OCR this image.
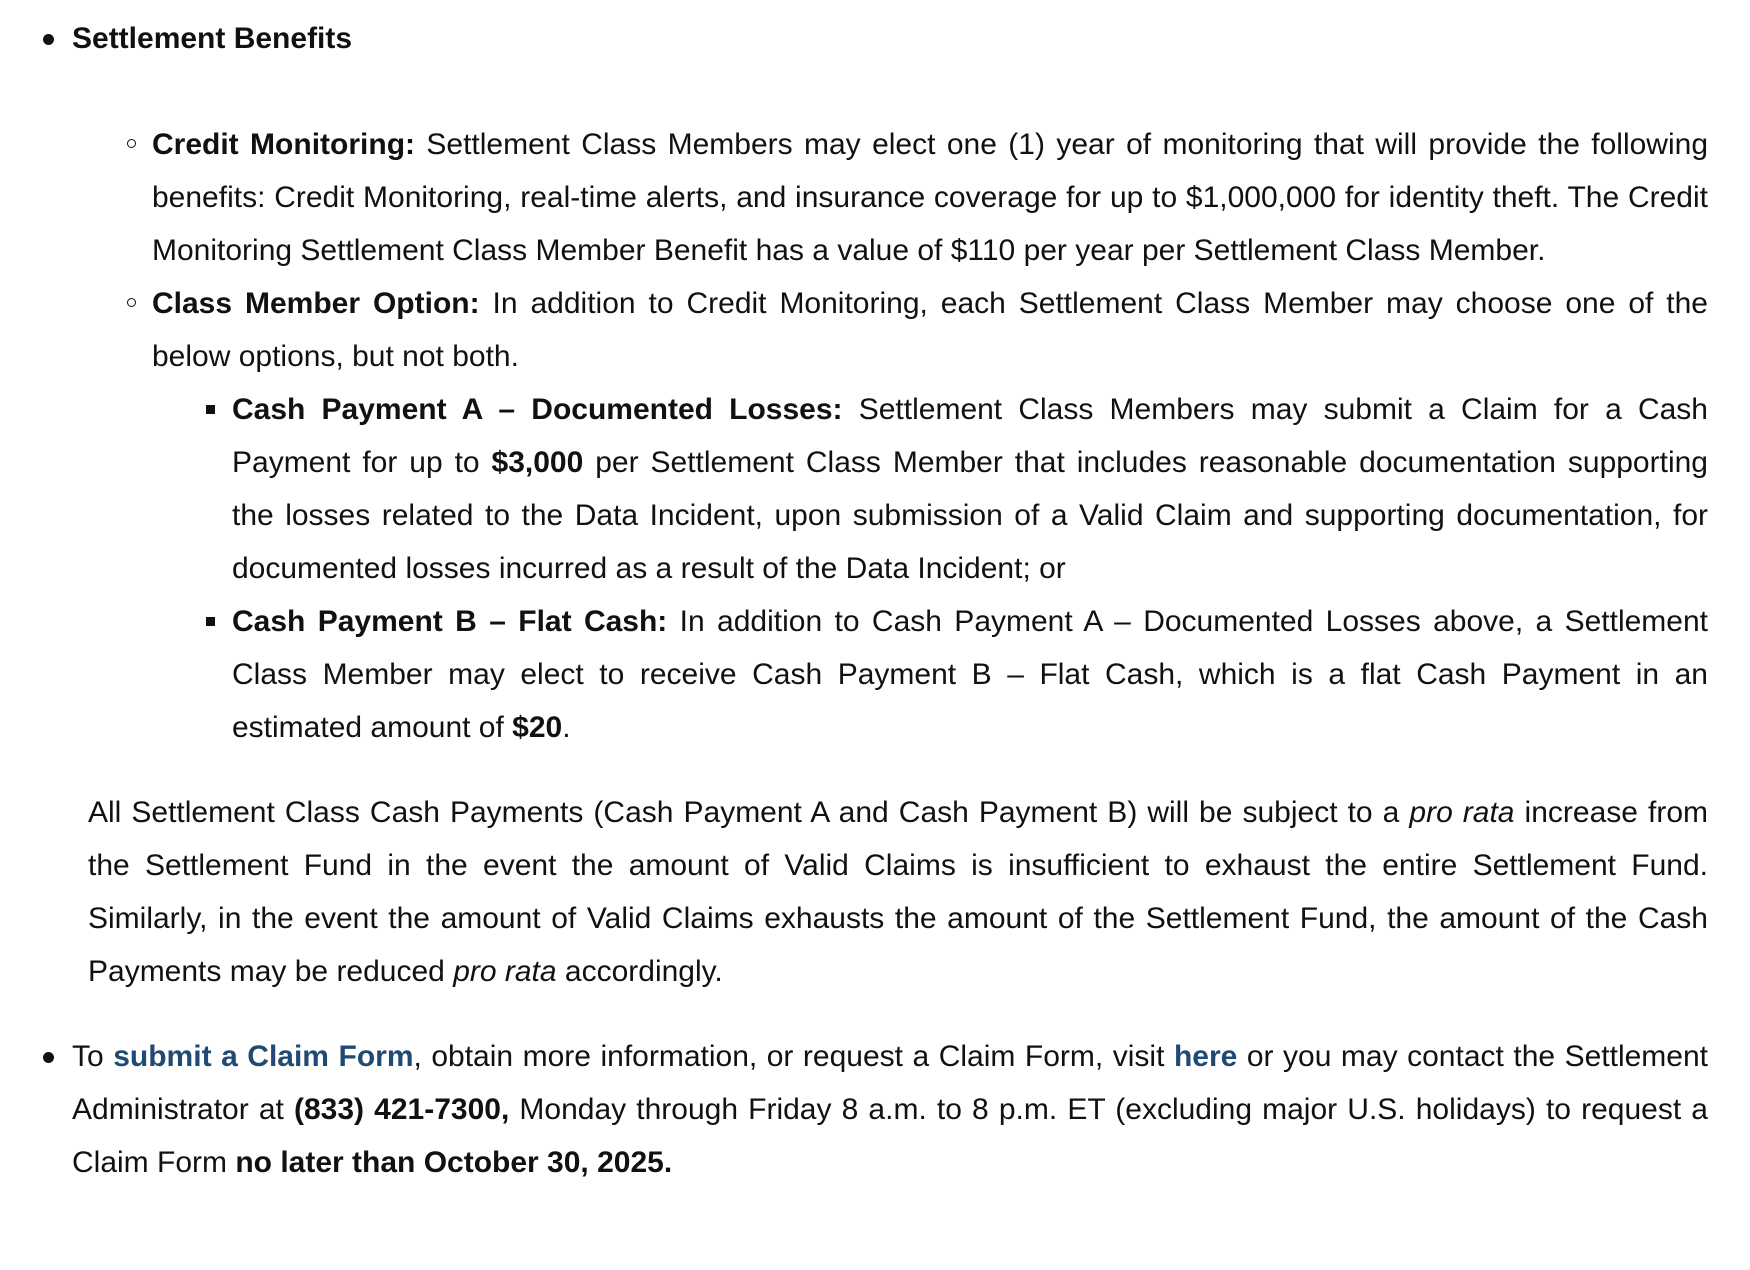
Settlement Benefits
Credit Monitoring: Settlement Class Members may elect one (1) year of monitoring that will provide the following benefits: Credit Monitoring, real-time alerts, and insurance coverage for up to $1,000,000 for identity theft. The Credit Monitoring Settlement Class Member Benefit has a value of $110 per year per Settlement Class Member.
Class Member Option: In addition to Credit Monitoring, each Settlement Class Member may choose one of the below options, but not both.
Cash Payment A – Documented Losses: Settlement Class Members may submit a Claim for a Cash Payment for up to $3,000 per Settlement Class Member that includes reasonable documentation supporting the losses related to the Data Incident, upon submission of a Valid Claim and supporting documentation, for documented losses incurred as a result of the Data Incident; or
Cash Payment B – Flat Cash: In addition to Cash Payment A – Documented Losses above, a Settlement Class Member may elect to receive Cash Payment B – Flat Cash, which is a flat Cash Payment in an estimated amount of $20.

All Settlement Class Cash Payments (Cash Payment A and Cash Payment B) will be subject to a pro rata increase from the Settlement Fund in the event the amount of Valid Claims is insufficient to exhaust the entire Settlement Fund. Similarly, in the event the amount of Valid Claims exhausts the amount of the Settlement Fund, the amount of the Cash Payments may be reduced pro rata accordingly.

To submit a Claim Form, obtain more information, or request a Claim Form, visit here or you may contact the Settlement Administrator at (833) 421-7300, Monday through Friday 8 a.m. to 8 p.m. ET (excluding major U.S. holidays) to request a Claim Form no later than October 30, 2025.
